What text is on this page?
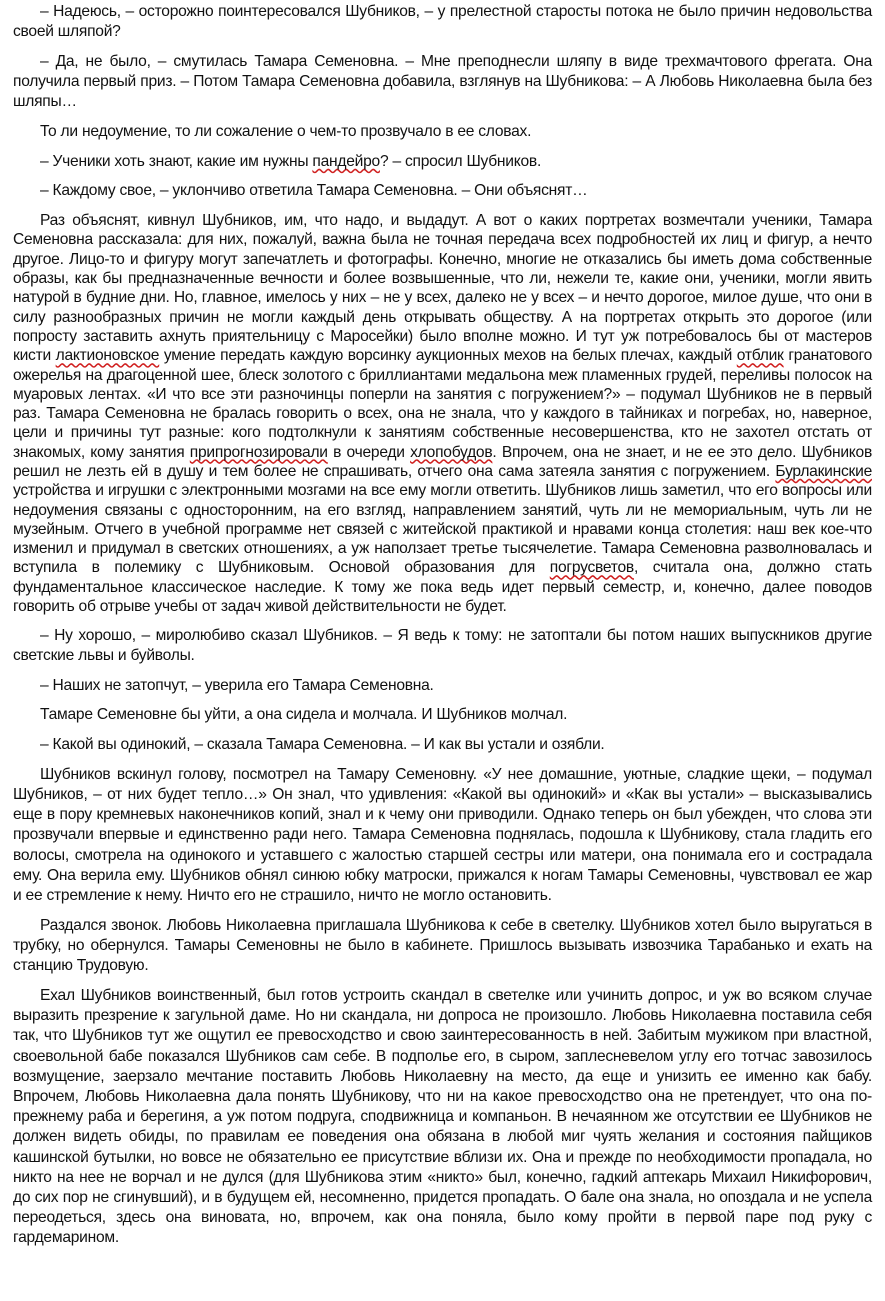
– Надеюсь, – осторожно поинтересовался Шубников, – у прелестной старосты потока не было причин недовольства своей шляпой?

– Да, не было, – смутилась Тамара Семеновна. – Мне преподнесли шляпу в виде трехмачтового фрегата. Она получила первый приз. – Потом Тамара Семеновна добавила, взглянув на Шубникова: – А Любовь Николаевна была без шляпы…

То ли недоумение, то ли сожаление о чем-то прозвучало в ее словах.

– Ученики хоть знают, какие им нужны пандейро? – спросил Шубников.

– Каждому свое, – уклончиво ответила Тамара Семеновна. – Они объяснят…

Раз объяснят, кивнул Шубников, им, что надо, и выдадут. А вот о каких портретах возмечтали ученики, Тамара Семеновна рассказала: для них, пожалуй, важна была не точная передача всех подробностей их лиц и фигур, а нечто другое. Лицо-то и фигуру могут запечатлеть и фотографы. Конечно, многие не отказались бы иметь дома собственные образы, как бы предназначенные вечности и более возвышенные, что ли, нежели те, какие они, ученики, могли явить натурой в будние дни. Но, главное, имелось у них – не у всех, далеко не у всех – и нечто дорогое, милое душе, что они в силу разнообразных причин не могли каждый день открывать обществу. А на портретах открыть это дорогое (или попросту заставить ахнуть приятельницу с Маросейки) было вполне можно. И тут уж потребовалось бы от мастеров кисти лактионовское умение передать каждую ворсинку аукционных мехов на белых плечах, каждый отблик гранатового ожерелья на драгоценной шее, блеск золотого с бриллиантами медальона меж пламенных грудей, переливы полосок на муаровых лентах. «И что все эти разночинцы поперли на занятия с погружением?» – подумал Шубников не в первый раз. Тамара Семеновна не бралась говорить о всех, она не знала, что у каждого в тайниках и погребах, но, наверное, цели и причины тут разные: кого подтолкнули к занятиям собственные несовершенства, кто не захотел отстать от знакомых, кому занятия припрогнозировали в очереди хлопобудов. Впрочем, она не знает, и не ее это дело. Шубников решил не лезть ей в душу и тем более не спрашивать, отчего она сама затеяла занятия с погружением. Бурлакинские устройства и игрушки с электронными мозгами на все ему могли ответить. Шубников лишь заметил, что его вопросы или недоумения связаны с односторонним, на его взгляд, направлением занятий, чуть ли не мемориальным, чуть ли не музейным. Отчего в учебной программе нет связей с житейской практикой и нравами конца столетия: наш век кое-что изменил и придумал в светских отношениях, а уж наползает третье тысячелетие. Тамара Семеновна разволновалась и вступила в полемику с Шубниковым. Основой образования для погрусветов, считала она, должно стать фундаментальное классическое наследие. К тому же пока ведь идет первый семестр, и, конечно, далее поводов говорить об отрыве учебы от задач живой действительности не будет.

– Ну хорошо, – миролюбиво сказал Шубников. – Я ведь к тому: не затоптали бы потом наших выпускников другие светские львы и буйволы.

– Наших не затопчут, – уверила его Тамара Семеновна.

Тамаре Семеновне бы уйти, а она сидела и молчала. И Шубников молчал.

– Какой вы одинокий, – сказала Тамара Семеновна. – И как вы устали и озябли.

Шубников вскинул голову, посмотрел на Тамару Семеновну. «У нее домашние, уютные, сладкие щеки, – подумал Шубников, – от них будет тепло…» Он знал, что удивления: «Какой вы одинокий» и «Как вы устали» – высказывались еще в пору кремневых наконечников копий, знал и к чему они приводили. Однако теперь он был убежден, что слова эти прозвучали впервые и единственно ради него. Тамара Семеновна поднялась, подошла к Шубникову, стала гладить его волосы, смотрела на одинокого и уставшего с жалостью старшей сестры или матери, она понимала его и сострадала ему. Она верила ему. Шубников обнял синюю юбку матроски, прижался к ногам Тамары Семеновны, чувствовал ее жар и ее стремление к нему. Ничто его не страшило, ничто не могло остановить.

Раздался звонок. Любовь Николаевна приглашала Шубникова к себе в светелку. Шубников хотел было выругаться в трубку, но обернулся. Тамары Семеновны не было в кабинете. Пришлось вызывать извозчика Тарабанько и ехать на станцию Трудовую.

Ехал Шубников воинственный, был готов устроить скандал в светелке или учинить допрос, и уж во всяком случае выразить презрение к загульной даме. Но ни скандала, ни допроса не произошло. Любовь Николаевна поставила себя так, что Шубников тут же ощутил ее превосходство и свою заинтересованность в ней. Забитым мужиком при властной, своевольной бабе показался Шубников сам себе. В подполье его, в сыром, заплесневелом углу его тотчас завозилось возмущение, заерзало мечтание поставить Любовь Николаевну на место, да еще и унизить ее именно как бабу. Впрочем, Любовь Николаевна дала понять Шубникову, что ни на какое превосходство она не претендует, что она по-прежнему раба и берегиня, а уж потом подруга, сподвижница и компаньон. В нечаянном же отсутствии ее Шубников не должен видеть обиды, по правилам ее поведения она обязана в любой миг чуять желания и состояния пайщиков кашинской бутылки, но вовсе не обязательно ее присутствие вблизи их. Она и прежде по необходимости пропадала, но никто на нее не ворчал и не дулся (для Шубникова этим «никто» был, конечно, гадкий аптекарь Михаил Никифорович, до сих пор не сгинувший), и в будущем ей, несомненно, придется пропадать. О бале она знала, но опоздала и не успела переодеться, здесь она виновата, но, впрочем, как она поняла, было кому пройти в первой паре под руку с гардемарином.
